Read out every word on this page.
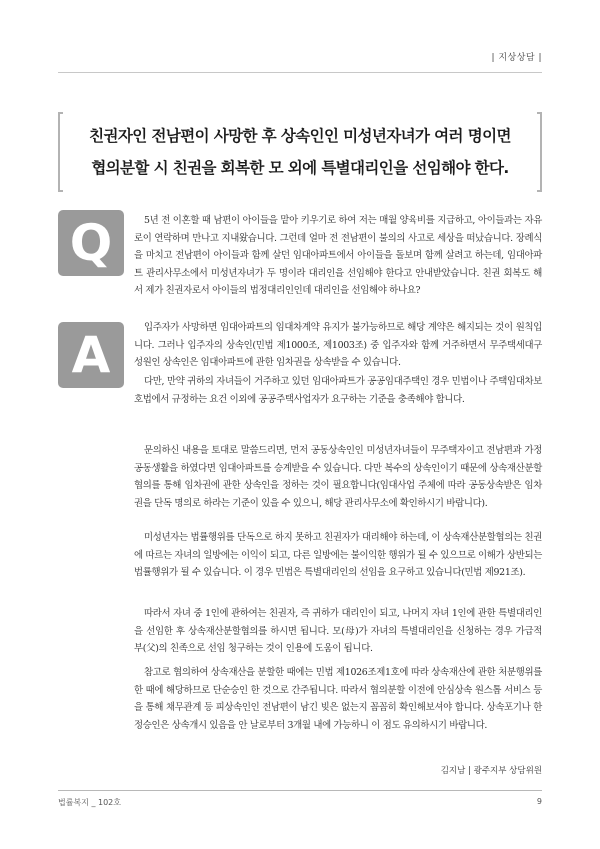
| 지상상담 |
친권자인 전남편이 사망한 후 상속인인 미성년자녀가 여러 명이면
협의분할 시 친권을 회복한 모 외에 특별대리인을 선임해야 한다.
Q	5년 전 이혼할 때 남편이 아이들을 맡아 키우기로 하여 저는 매월 양육비를 지급하고, 아이들과는 자유로이 연락하며 만나고 지내왔습니다. 그런데 얼마 전 전남편이 불의의 사고로 세상을 떠났습니다. 장례식을 마치고 전남편이 아이들과 함께 살던 임대아파트에서 아이들을 돌보며 함께 살려고 하는데, 임대아파트 관리사무소에서 미성년자녀가 두 명이라 대리인을 선임해야 한다고 안내받았습니다. 친권 회복도 해서 제가 친권자로서 아이들의 법정대리인인데 대리인을 선임해야 하나요?
A	입주자가 사망하면 임대아파트의 임대차계약 유지가 불가능하므로 해당 계약은 해지되는 것이 원칙입니다. 그러나 입주자의 상속인(민법 제1000조, 제1003조) 중 입주자와 함께 거주하면서 무주택세대구성원인 상속인은 임대아파트에 관한 임차권을 상속받을 수 있습니다.
다만, 만약 귀하의 자녀들이 거주하고 있던 임대아파트가 공공임대주택인 경우 민법이나 주택임대차보호법에서 규정하는 요건 이외에 공공주택사업자가 요구하는 기준을 충족해야 합니다.
문의하신 내용을 토대로 말씀드리면, 먼저 공동상속인인 미성년자녀들이 무주택자이고 전남편과 가정공동생활을 하였다면 임대아파트를 승계받을 수 있습니다. 다만 복수의 상속인이기 때문에 상속재산분할협의를 통해 임차권에 관한 상속인을 정하는 것이 필요합니다(임대사업 주체에 따라 공동상속받은 임차권을 단독 명의로 하라는 기준이 있을 수 있으니, 해당 관리사무소에 확인하시기 바랍니다).
미성년자는 법률행위를 단독으로 하지 못하고 친권자가 대리해야 하는데, 이 상속재산분할협의는 친권에 따르는 자녀의 일방에는 이익이 되고, 다른 일방에는 불이익한 행위가 될 수 있으므로 이해가 상반되는 법률행위가 될 수 있습니다. 이 경우 민법은 특별대리인의 선임을 요구하고 있습니다(민법 제921조).
따라서 자녀 중 1인에 관하여는 친권자, 즉 귀하가 대리인이 되고, 나머지 자녀 1인에 관한 특별대리인을 선임한 후 상속재산분할협의를 하시면 됩니다. 모(母)가 자녀의 특별대리인을 신청하는 경우 가급적 부(父)의 친족으로 선임 청구하는 것이 인용에 도움이 됩니다.
참고로 협의하여 상속재산을 분할한 때에는 민법 제1026조제1호에 따라 상속재산에 관한 처분행위를 한 때에 해당하므로 단순승인 한 것으로 간주됩니다. 따라서 협의분할 이전에 안심상속 원스톱 서비스 등을 통해 채무관계 등 피상속인인 전남편이 남긴 빚은 없는지 꼼꼼히 확인해보셔야 합니다. 상속포기나 한정승인은 상속개시 있음을 안 날로부터 3개월 내에 가능하니 이 점도 유의하시기 바랍니다.
김지남 | 광주지부 상담위원
법률복지 _ 102호	9
